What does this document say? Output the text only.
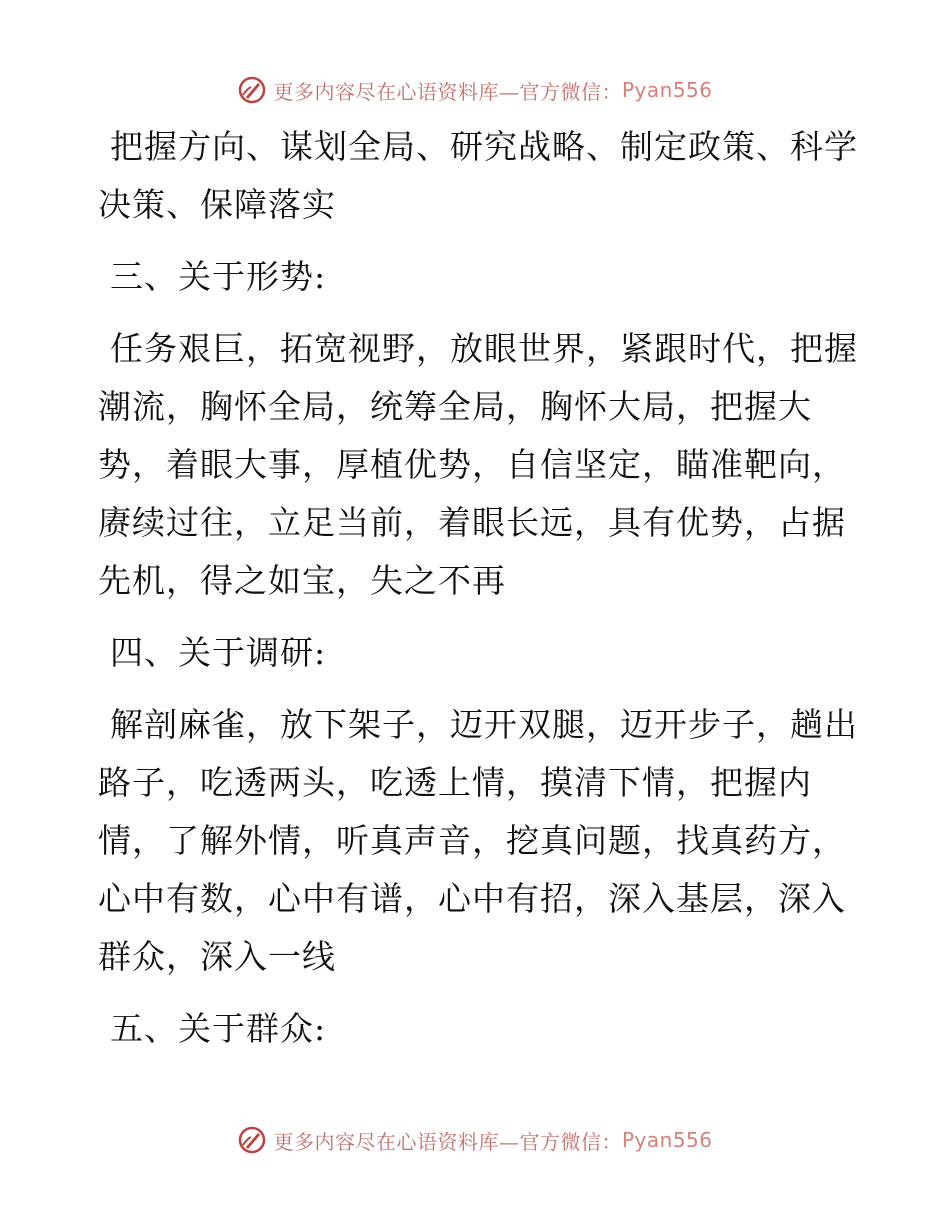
更多内容尽在心语资料库—官方微信： Pyan556

把握方向、谋划全局、研究战略、制定政策、科学决策、保障落实

三、关于形势:

任务艰巨，拓宽视野，放眼世界，紧跟时代，把握潮流，胸怀全局，统筹全局，胸怀大局，把握大势，着眼大事，厚植优势，自信坚定，瞄准靶向，赓续过往，立足当前，着眼长远，具有优势，占据先机，得之如宝，失之不再

四、关于调研:

解剖麻雀，放下架子，迈开双腿，迈开步子，趟出路子，吃透两头，吃透上情，摸清下情，把握内情，了解外情，听真声音，挖真问题，找真药方，心中有数，心中有谱，心中有招，深入基层，深入群众，深入一线

五、关于群众:

更多内容尽在心语资料库—官方微信： Pyan556
